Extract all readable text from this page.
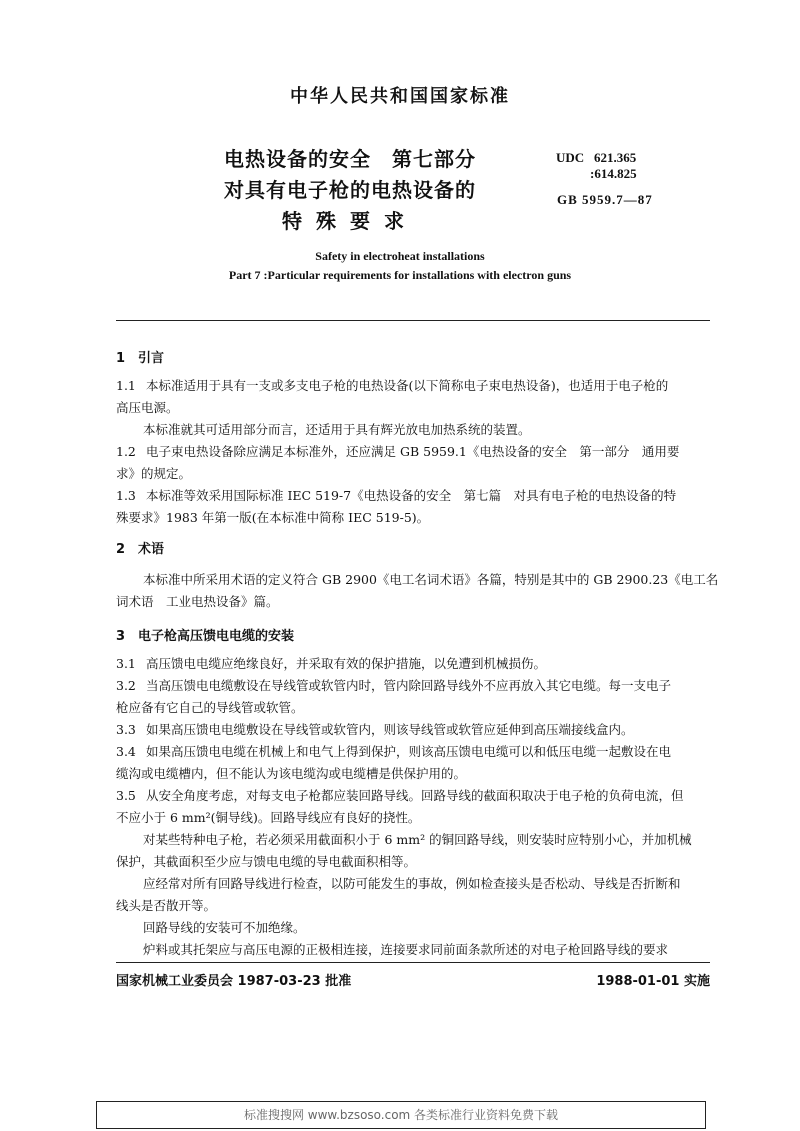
中华人民共和国国家标准
电热设备的安全　第七部分
对具有电子枪的电热设备的
特殊要求
UDC 621.365
:614.825
GB 5959.7—87
Safety in electroheat installations
Part 7 :Particular requirements for installations with electron guns
1　引言
1.1 本标准适用于具有一支或多支电子枪的电热设备(以下简称电子束电热设备)，也适用于电子枪的
高压电源。
本标准就其可适用部分而言，还适用于具有辉光放电加热系统的装置。
1.2 电子束电热设备除应满足本标准外，还应满足 GB 5959.1《电热设备的安全　第一部分　通用要
求》的规定。
1.3 本标准等效采用国际标准 IEC 519-7《电热设备的安全　第七篇　对具有电子枪的电热设备的特
殊要求》1983 年第一版(在本标准中简称 IEC 519-5)。
2　术语
本标准中所采用术语的定义符合 GB 2900《电工名词术语》各篇，特别是其中的 GB 2900.23《电工名
词术语　工业电热设备》篇。
3　电子枪高压馈电电缆的安装
3.1 高压馈电电缆应绝缘良好，并采取有效的保护措施，以免遭到机械损伤。
3.2 当高压馈电电缆敷设在导线管或软管内时，管内除回路导线外不应再放入其它电缆。每一支电子
枪应备有它自己的导线管或软管。
3.3 如果高压馈电电缆敷设在导线管或软管内，则该导线管或软管应延伸到高压端接线盒内。
3.4 如果高压馈电电缆在机械上和电气上得到保护，则该高压馈电电缆可以和低压电缆一起敷设在电
缆沟或电缆槽内，但不能认为该电缆沟或电缆槽是供保护用的。
3.5 从安全角度考虑，对每支电子枪都应装回路导线。回路导线的截面积取决于电子枪的负荷电流，但
不应小于 6 mm²(铜导线)。回路导线应有良好的挠性。
对某些特种电子枪，若必须采用截面积小于 6 mm² 的铜回路导线，则安装时应特别小心，并加机械
保护，其截面积至少应与馈电电缆的导电截面积相等。
应经常对所有回路导线进行检查，以防可能发生的事故，例如检查接头是否松动、导线是否折断和
线头是否散开等。
回路导线的安装可不加绝缘。
炉料或其托架应与高压电源的正极相连接，连接要求同前面条款所述的对电子枪回路导线的要求
国家机械工业委员会 1987-03-23 批准	1988-01-01 实施
标准搜搜网 www.bzsoso.com 各类标准行业资料免费下载
